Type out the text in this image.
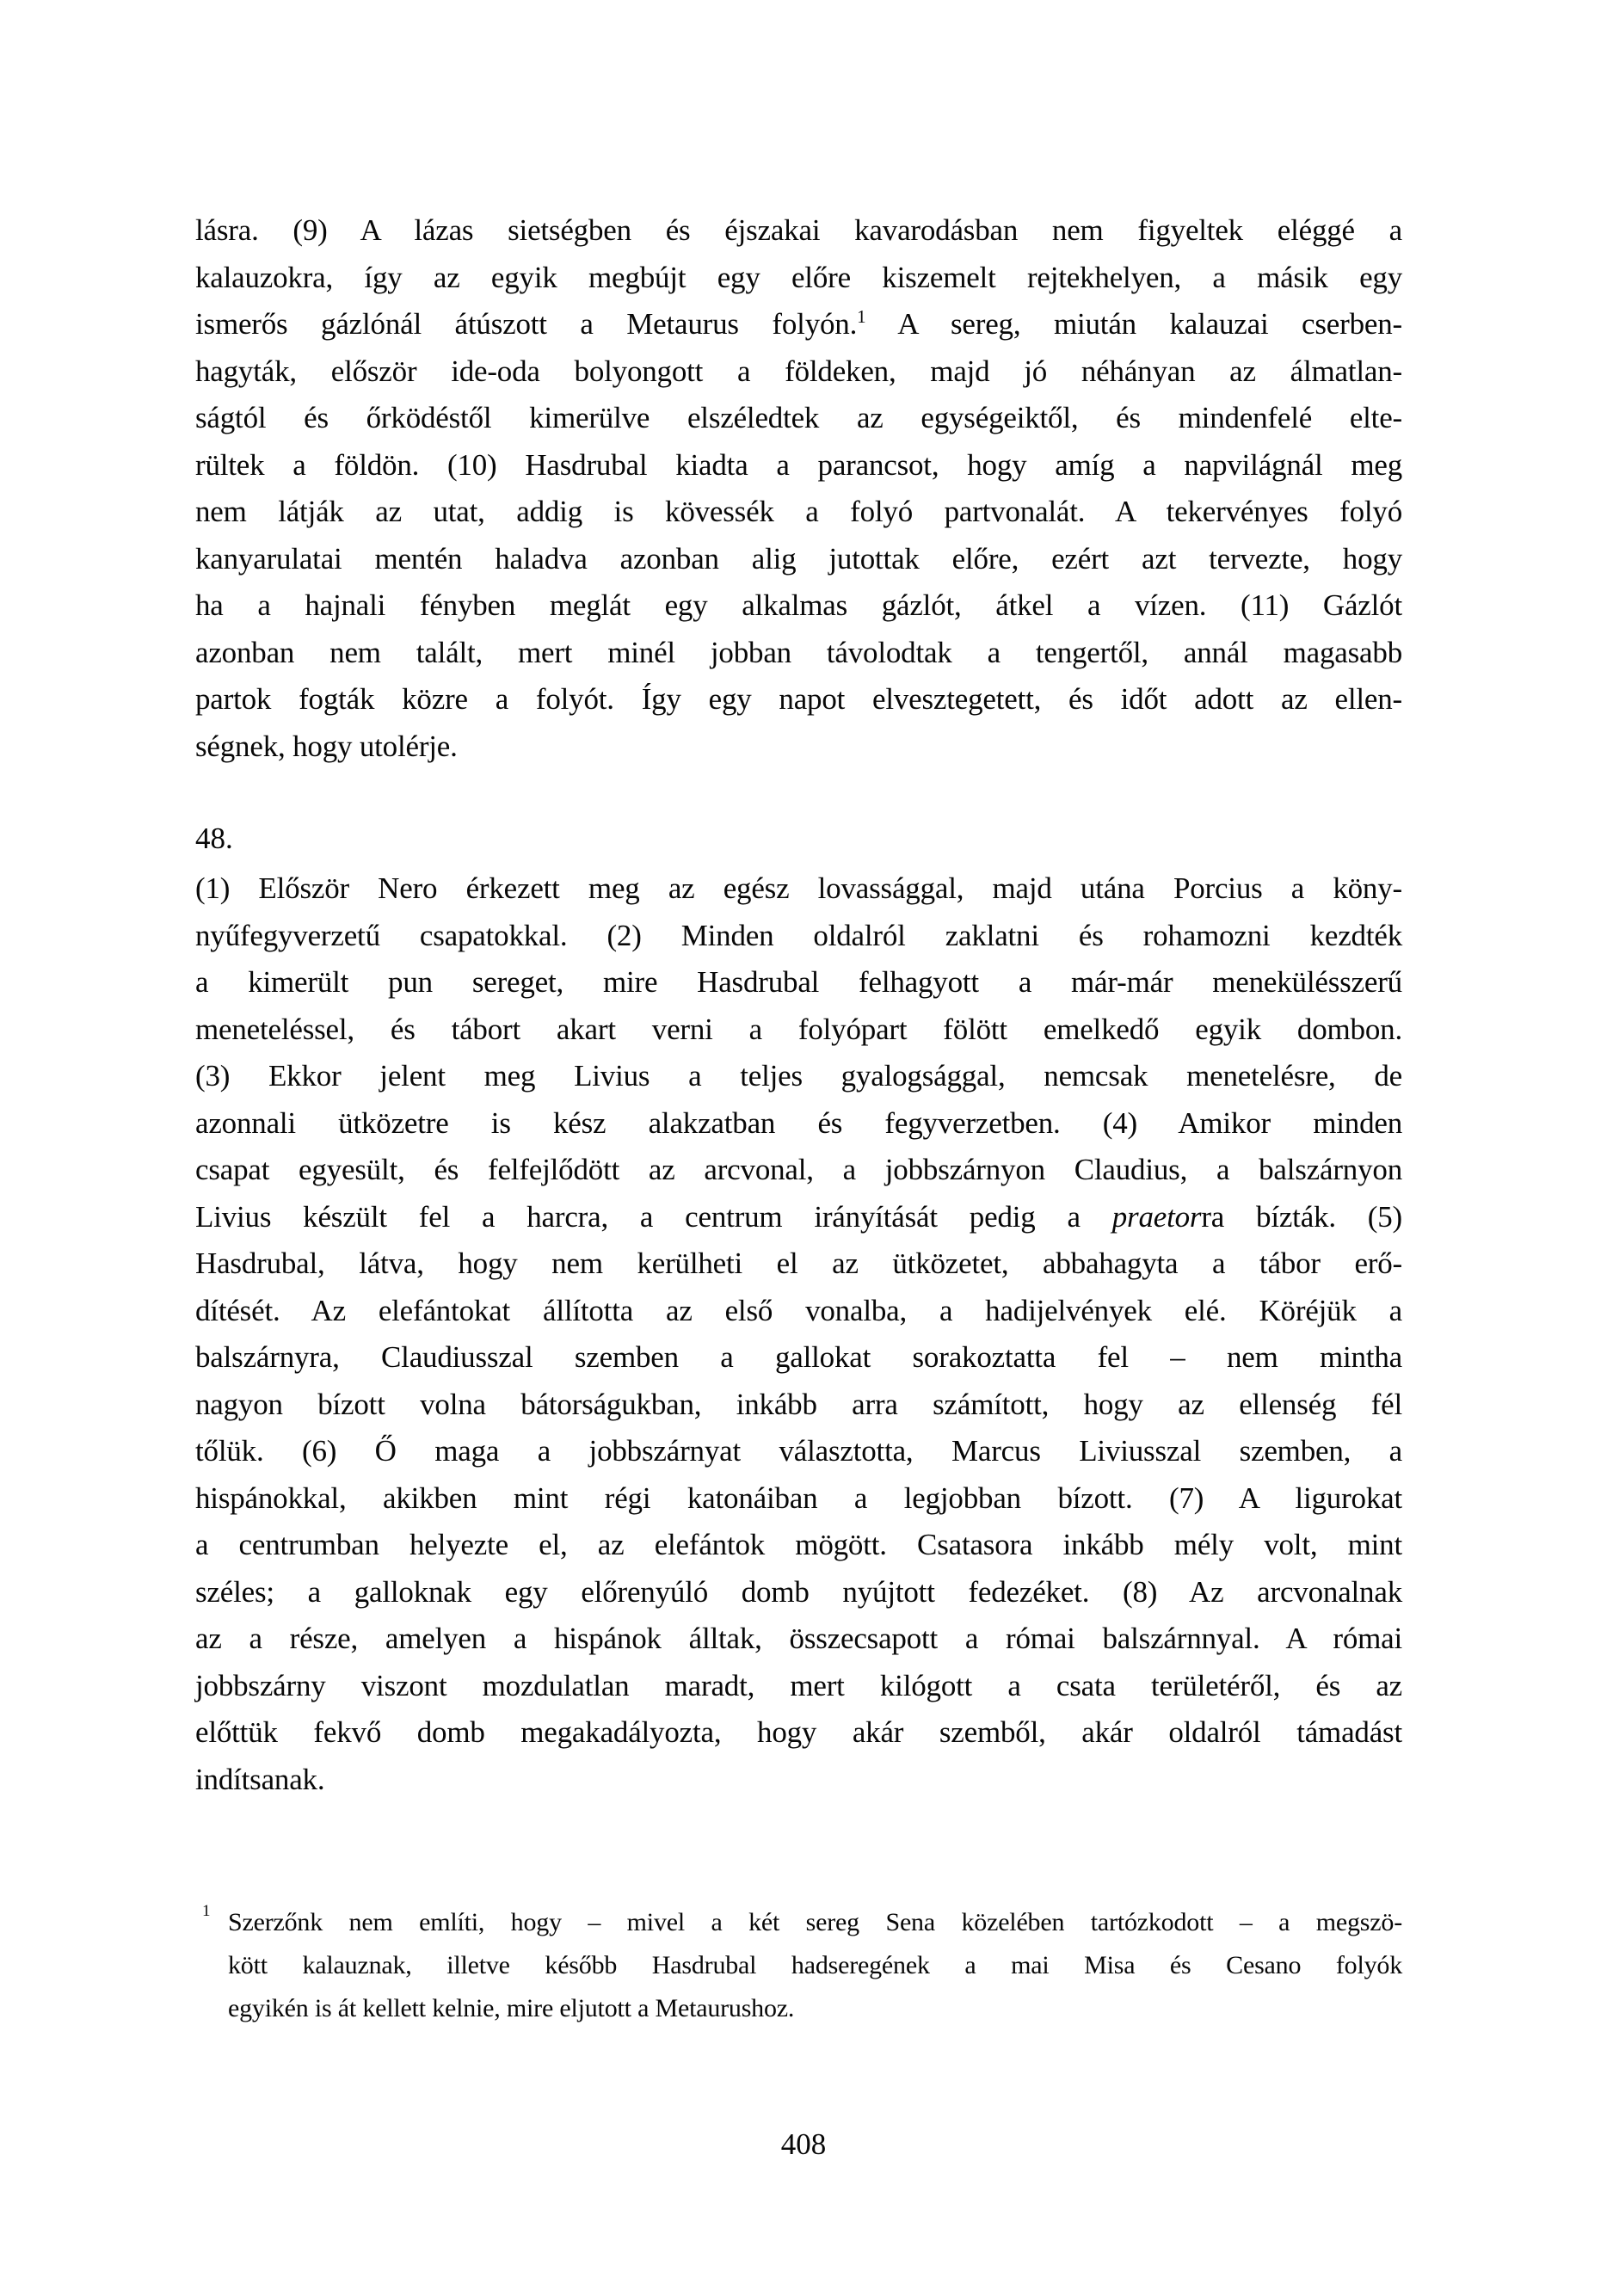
lásra. (9) A lázas sietségben és éjszakai kavarodásban nem figyeltek eléggé a
kalauzokra, így az egyik megbújt egy előre kiszemelt rejtekhelyen, a másik egy
ismerős gázlónál átúszott a Metaurus folyón.$^1$ A sereg, miután kalauzai cserben-
hagyták, először ide-oda bolyongott a földeken, majd jó néhányan az álmatlan-
ságtól és őrködéstől kimerülve elszéledtek az egységeiktől, és mindenfelé elte-
rültek a földön. (10) Hasdrubal kiadta a parancsot, hogy amíg a napvilágnál meg
nem látják az utat, addig is kövessék a folyó partvonalát. A tekervényes folyó
kanyarulatai mentén haladva azonban alig jutottak előre, ezért azt tervezte, hogy
ha a hajnali fényben meglát egy alkalmas gázlót, átkel a vízen. (11) Gázlót
azonban nem talált, mert minél jobban távolodtak a tengertől, annál magasabb
partok fogták közre a folyót. Így egy napot elvesztegetett, és időt adott az ellen-
ségnek, hogy utolérje.
48.
(1) Először Nero érkezett meg az egész lovassággal, majd utána Porcius a köny-
nyűfegyverzetű csapatokkal. (2) Minden oldalról zaklatni és rohamozni kezdték
a kimerült pun sereget, mire Hasdrubal felhagyott a már-már menekülésszerű
meneteléssel, és tábort akart verni a folyópart fölött emelkedő egyik dombon.
(3) Ekkor jelent meg Livius a teljes gyalogsággal, nemcsak menetelésre, de
azonnali ütközetre is kész alakzatban és fegyverzetben. (4) Amikor minden
csapat egyesült, és felfejlődött az arcvonal, a jobbszárnyon Claudius, a balszárnyon
Livius készült fel a harcra, a centrum irányítását pedig a praetorra bízták. (5)
Hasdrubal, látva, hogy nem kerülheti el az ütközetet, abbahagyta a tábor erő-
dítését. Az elefántokat állította az első vonalba, a hadijelvények elé. Köréjük a
balszárnyra, Claudiusszal szemben a gallokat sorakoztatta fel – nem mintha
nagyon bízott volna bátorságukban, inkább arra számított, hogy az ellenség fél
tőlük. (6) Ő maga a jobbszárnyat választotta, Marcus Liviusszal szemben, a
hispánokkal, akikben mint régi katonáiban a legjobban bízott. (7) A ligurokat
a centrumban helyezte el, az elefántok mögött. Csatasora inkább mély volt, mint
széles; a galloknak egy előrenyúló domb nyújtott fedezéket. (8) Az arcvonalnak
az a része, amelyen a hispánok álltak, összecsapott a római balszárnnyal. A római
jobbszárny viszont mozdulatlan maradt, mert kilógott a csata területéről, és az
előttük fekvő domb megakadályozta, hogy akár szemből, akár oldalról támadást
indítsanak.
1 Szerzőnk nem említi, hogy – mivel a két sereg Sena közelében tartózkodott – a megszö-
kött kalauznak, illetve később Hasdrubal hadseregének a mai Misa és Cesano folyók
egyikén is át kellett kelnie, mire eljutott a Metaurushoz.
408
